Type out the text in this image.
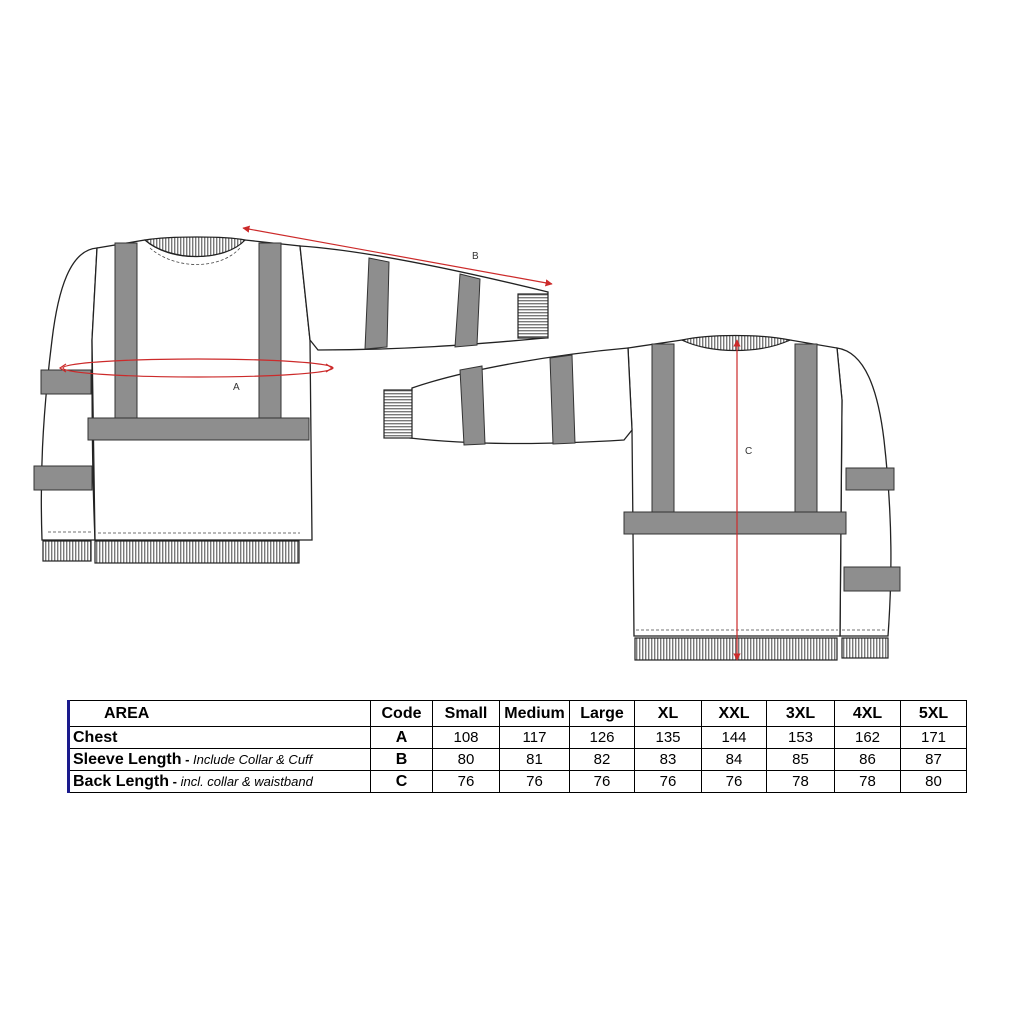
A
B
C
AREA	Code	Small	Medium	Large	XL	XXL	3XL	4XL	5XL
Chest	A	108	117	126	135	144	153	162	171
Sleeve Length - Include Collar & Cuff	B	80	81	82	83	84	85	86	87
Back Length - incl. collar & waistband	C	76	76	76	76	76	78	78	80
